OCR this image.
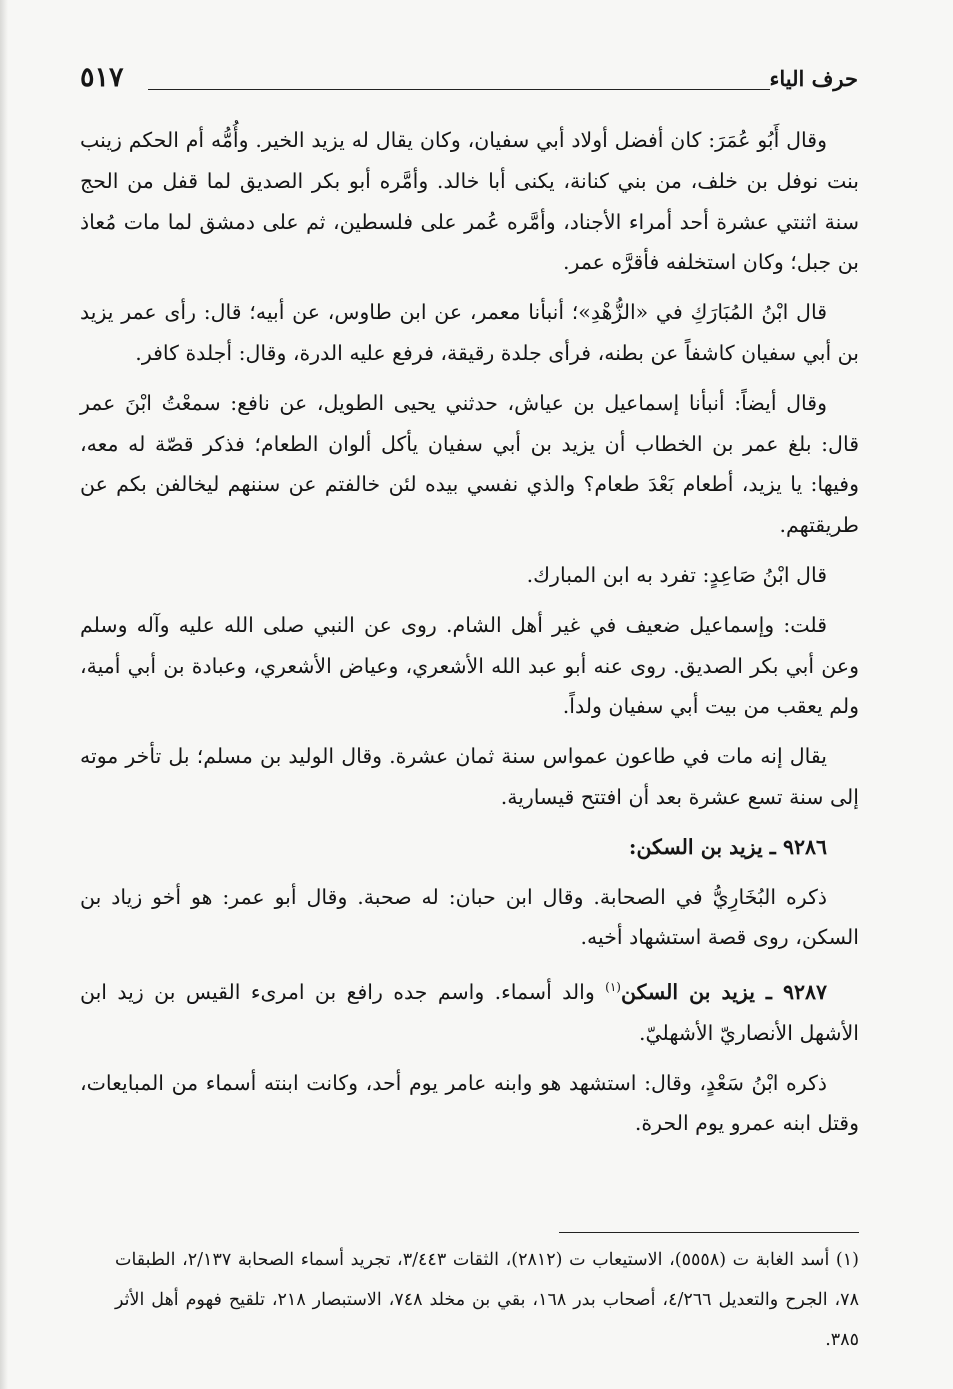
حرف الياء
٥١٧

وقال أَبُو عُمَرَ: كان أفضل أولاد أبي سفيان، وكان يقال له يزيد الخير. وأُمُّه أم الحكم زينب بنت نوفل بن خلف، من بني كنانة، يكنى أبا خالد. وأمَّره أبو بكر الصديق لما قفل من الحج سنة اثنتي عشرة أحد أمراء الأجناد، وأمَّره عُمر على فلسطين، ثم على دمشق لما مات مُعاذ بن جبل؛ وكان استخلفه فأقرَّه عمر.

قال ابْنُ المُبَارَكِ في «الزُّهْدِ»؛ أنبأنا معمر، عن ابن طاوس، عن أبيه؛ قال: رأى عمر يزيد بن أبي سفيان كاشفاً عن بطنه، فرأى جلدة رقيقة، فرفع عليه الدرة، وقال: أجلدة كافر.

وقال أيضاً: أنبأنا إسماعيل بن عياش، حدثني يحيى الطويل، عن نافع: سمعْتُ ابْنَ عمر قال: بلغ عمر بن الخطاب أن يزيد بن أبي سفيان يأكل ألوان الطعام؛ فذكر قصّة له معه، وفيها: يا يزيد، أطعام بَعْدَ طعام؟ والذي نفسي بيده لئن خالفتم عن سننهم ليخالفن بكم عن طريقتهم.

قال ابْنُ صَاعِدٍ: تفرد به ابن المبارك.

قلت: وإسماعيل ضعيف في غير أهل الشام. روى عن النبي صلى الله عليه وآله وسلم وعن أبي بكر الصديق. روى عنه أبو عبد الله الأشعري، وعياض الأشعري، وعبادة بن أبي أمية، ولم يعقب من بيت أبي سفيان ولداً.

يقال إنه مات في طاعون عمواس سنة ثمان عشرة. وقال الوليد بن مسلم؛ بل تأخر موته إلى سنة تسع عشرة بعد أن افتتح قيسارية.

٩٢٨٦ ـ يزيد بن السكن:

ذكره البُخَارِيُّ في الصحابة. وقال ابن حبان: له صحبة. وقال أبو عمر: هو أخو زياد بن السكن، روى قصة استشهاد أخيه.

٩٢٨٧ ـ يزيد بن السكن$^{(١)}$ والد أسماء. واسم جده رافع بن امرىء القيس بن زيد ابن الأشهل الأنصاريّ الأشهليّ.

ذكره ابْنُ سَعْدٍ، وقال: استشهد هو وابنه عامر يوم أحد، وكانت ابنته أسماء من المبايعات، وقتل ابنه عمرو يوم الحرة.

(١) أسد الغابة ت (٥٥٥٨)، الاستيعاب ت (٢٨١٢)، الثقات ٣/٤٤٣، تجريد أسماء الصحابة ٢/١٣٧، الطبقات ٧٨، الجرح والتعديل ٤/٢٦٦، أصحاب بدر ١٦٨، بقي بن مخلد ٧٤٨، الاستبصار ٢١٨، تلقيح فهوم أهل الأثر ٣٨٥.
